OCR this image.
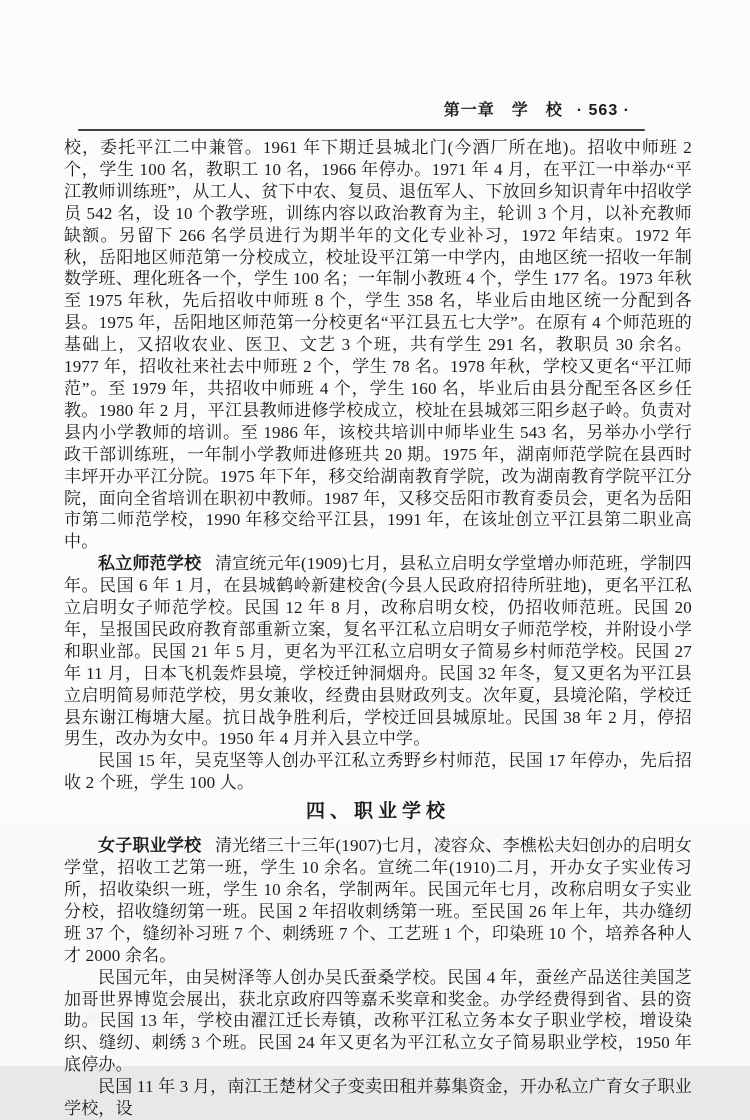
第一章　学　校 · 563 ·

校，委托平江二中兼管。1961 年下期迁县城北门(今酒厂所在地)。招收中师班 2 个，学生 100 名，教职工 10 名，1966 年停办。1971 年 4 月，在平江一中举办“平江教师训练班”，从工人、贫下中农、复员、退伍军人、下放回乡知识青年中招收学员 542 名，设 10 个教学班，训练内容以政治教育为主，轮训 3 个月，以补充教师缺额。另留下 266 名学员进行为期半年的文化专业补习，1972 年结束。1972 年秋，岳阳地区师范第一分校成立，校址设平江第一中学内，由地区统一招收一年制数学班、理化班各一个，学生 100 名；一年制小教班 4 个，学生 177 名。1973 年秋至 1975 年秋，先后招收中师班 8 个，学生 358 名，毕业后由地区统一分配到各县。1975 年，岳阳地区师范第一分校更名“平江县五七大学”。在原有 4 个师范班的基础上，又招收农业、医卫、文艺 3 个班，共有学生 291 名，教职员 30 余名。1977 年，招收社来社去中师班 2 个，学生 78 名。1978 年秋，学校又更名“平江师范”。至 1979 年，共招收中师班 4 个，学生 160 名，毕业后由县分配至各区乡任教。1980 年 2 月，平江县教师进修学校成立，校址在县城郊三阳乡赵子岭。负责对县内小学教师的培训。至 1986 年，该校共培训中师毕业生 543 名，另举办小学行政干部训练班，一年制小学教师进修班共 20 期。1975 年，湖南师范学院在县西时丰坪开办平江分院。1975 年下年，移交给湖南教育学院，改为湖南教育学院平江分院，面向全省培训在职初中教师。1987 年，又移交岳阳市教育委员会，更名为岳阳市第二师范学校，1990 年移交给平江县，1991 年，在该址创立平江县第二职业高中。

私立师范学校 清宣统元年(1909)七月，县私立启明女学堂增办师范班，学制四年。民国 6 年 1 月，在县城鹤岭新建校舍(今县人民政府招待所驻地)，更名平江私立启明女子师范学校。民国 12 年 8 月，改称启明女校，仍招收师范班。民国 20 年，呈报国民政府教育部重新立案，复名平江私立启明女子师范学校，并附设小学和职业部。民国 21 年 5 月，更名为平江私立启明女子简易乡村师范学校。民国 27 年 11 月，日本飞机轰炸县境，学校迁钟洞烟舟。民国 32 年冬，复又更名为平江县立启明简易师范学校，男女兼收，经费由县财政列支。次年夏，县境沦陷，学校迁县东谢江梅塘大屋。抗日战争胜利后，学校迁回县城原址。民国 38 年 2 月，停招男生，改办为女中。1950 年 4 月并入县立中学。

民国 15 年，吴克坚等人创办平江私立秀野乡村师范，民国 17 年停办，先后招收 2 个班，学生 100 人。

四、职业学校

女子职业学校 清光绪三十三年(1907)七月，凌容众、李樵松夫妇创办的启明女学堂，招收工艺第一班，学生 10 余名。宣统二年(1910)二月，开办女子实业传习所，招收染织一班，学生 10 余名，学制两年。民国元年七月，改称启明女子实业分校，招收缝纫第一班。民国 2 年招收刺绣第一班。至民国 26 年上年，共办缝纫班 37 个，缝纫补习班 7 个、刺绣班 7 个、工艺班 1 个，印染班 10 个，培养各种人才 2000 余名。

民国元年，由吴树泽等人创办吴氏蚕桑学校。民国 4 年，蚕丝产品送往美国芝加哥世界博览会展出，获北京政府四等嘉禾奖章和奖金。办学经费得到省、县的资助。民国 13 年，学校由濯江迁长寿镇，改称平江私立务本女子职业学校，增设染织、缝纫、刺绣 3 个班。民国 24 年又更名为平江私立女子简易职业学校，1950 年底停办。

民国 11 年 3 月，南江王楚材父子变卖田租并募集资金，开办私立广育女子职业学校，设
